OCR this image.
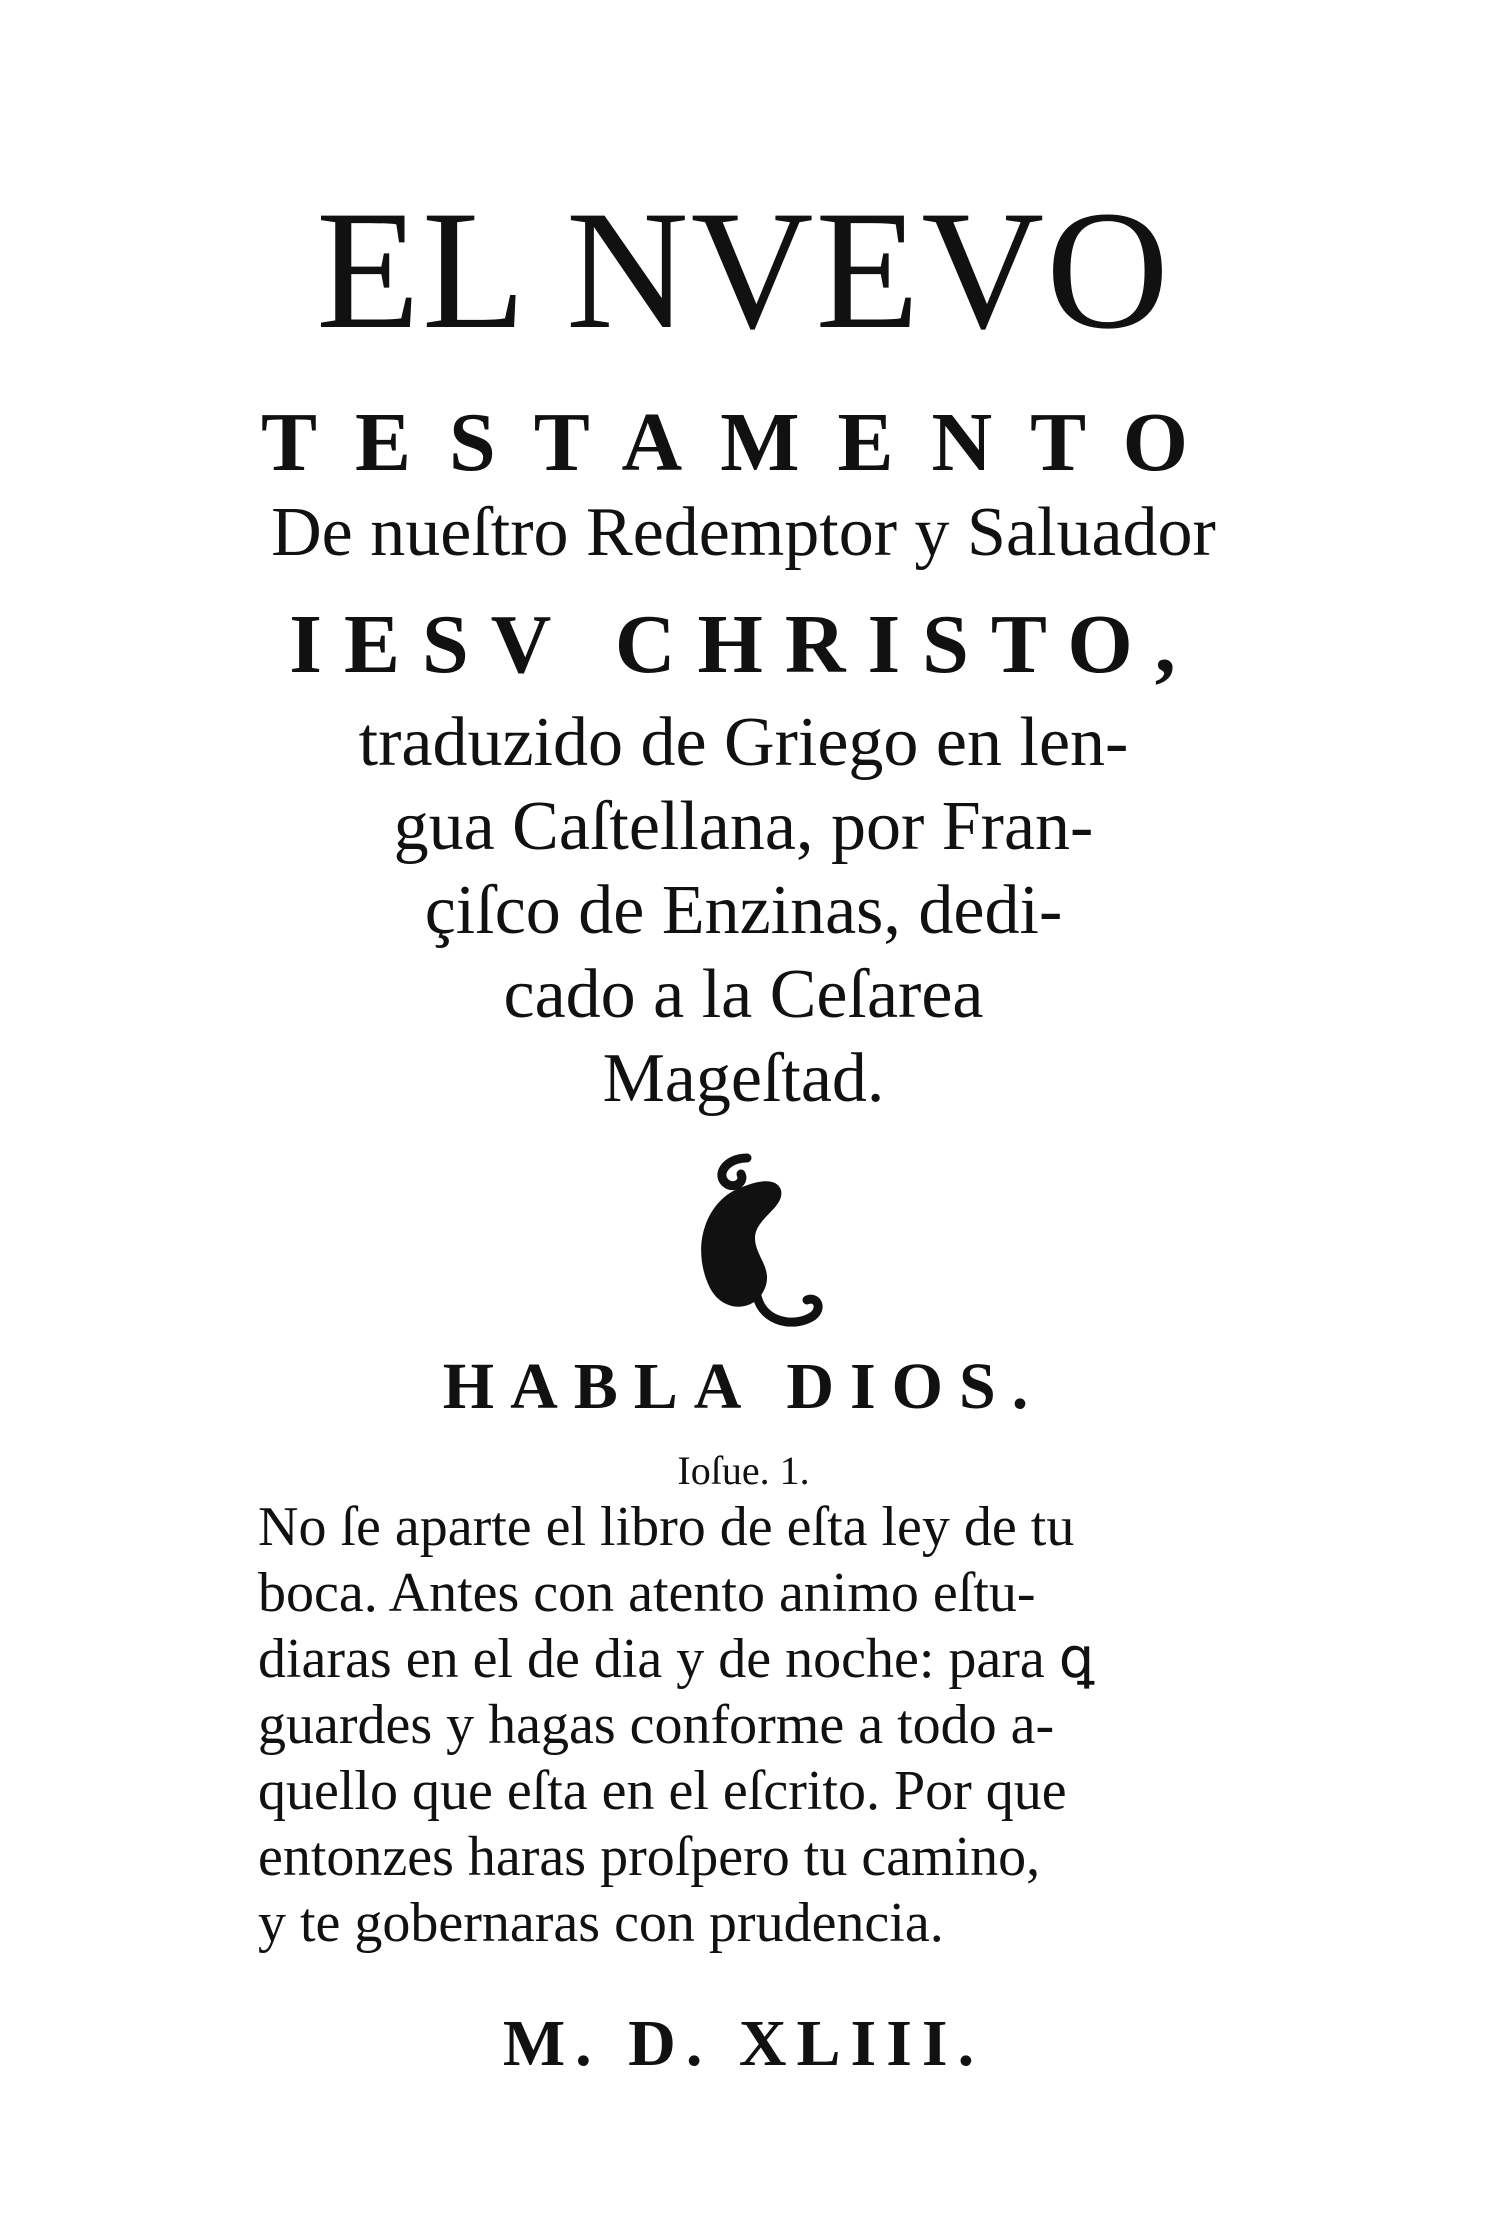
EL NVEVO
TESTAMENTO
De nueſtro Redemptor y Saluador
IESV CHRISTO,
traduzido de Griego en len-
gua Caſtellana, por Fran-
çiſco de Enzinas, dedi-
cado a la Ceſarea
Mageſtad.
HABLA DIOS.
Ioſue. 1.
No ſe aparte el libro de eſta ley de tu
boca. Antes con atento animo eſtu-
diaras en el de dia y de noche: para ꝗ
guardes y hagas conforme a todo a-
quello que eſta en el eſcrito. Por que
entonzes haras proſpero tu camino,
y te gobernaras con prudencia.
M. D. XLIII.
